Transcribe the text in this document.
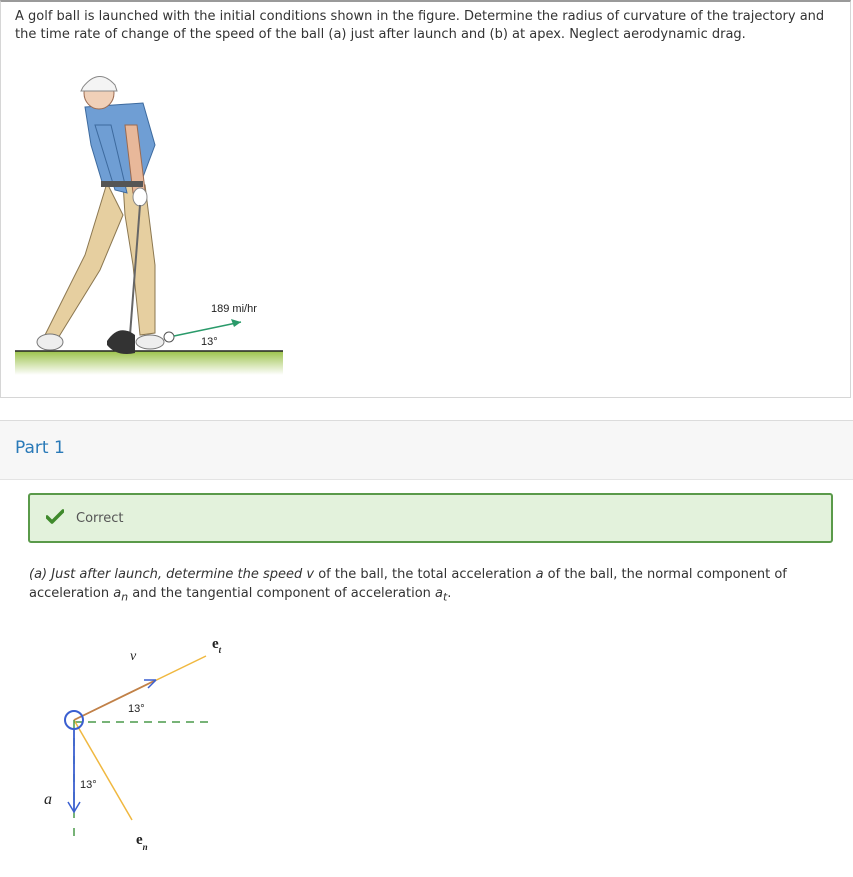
A golf ball is launched with the initial conditions shown in the figure. Determine the radius of curvature of the trajectory and the time rate of change of the speed of the ball (a) just after launch and (b) at apex. Neglect aerodynamic drag.
189 mi/hr
13°
Part 1
Correct
(a) Just after launch, determine the speed v of the ball, the total acceleration a of the ball, the normal component of acceleration $a_n$ and the tangential component of acceleration $a_t$.
v
$e_t$
$e_n$
a
13°
13°
